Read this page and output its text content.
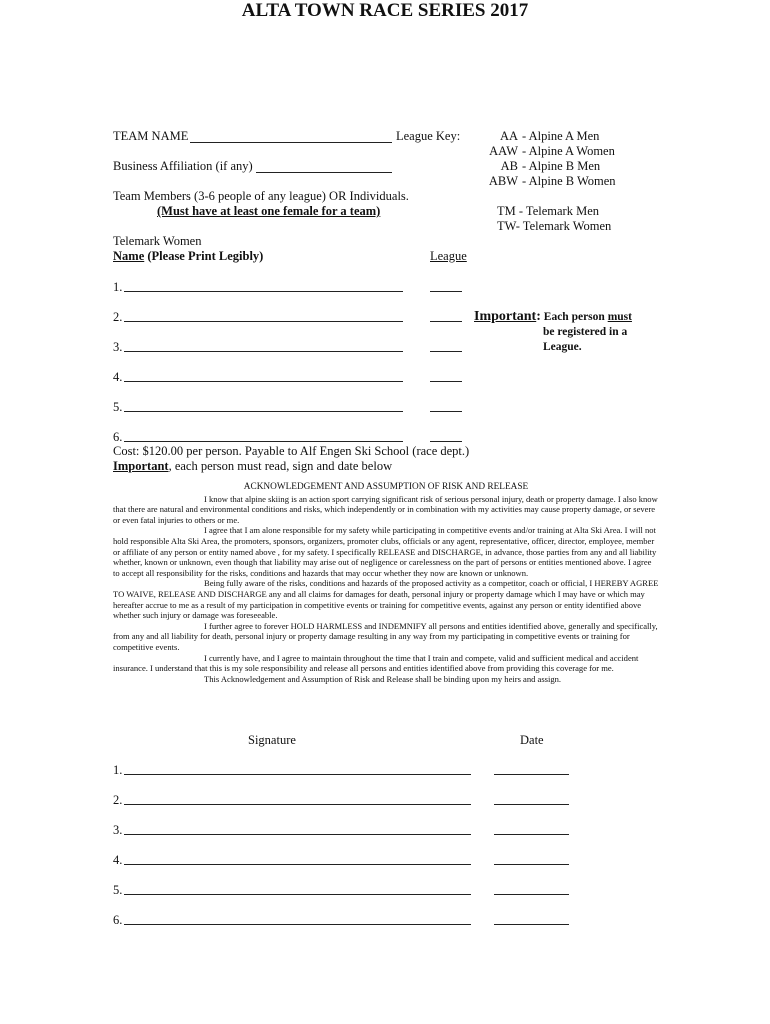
ALTA TOWN RACE SERIES 2017
TEAM NAME	League Key:	AA - Alpine A Men
AAW - Alpine A Women
AB - Alpine B Men
ABW - Alpine B Women
TM - Telemark Men
TW- Telemark Women
Business Affiliation (if any)
Team Members (3-6 people of any league) OR Individuals.
(Must have at least one female for a team)
Telemark Women
Name (Please Print Legibly)	League
1.
2.
3.
4.
5.
6.
Important: Each person must
be registered in a
League.
Cost: $120.00 per person. Payable to Alf Engen Ski School (race dept.)
Important, each person must read, sign and date below

ACKNOWLEDGEMENT AND ASSUMPTION OF RISK AND RELEASE

I know that alpine skiing is an action sport carrying significant risk of serious personal injury, death or property damage. I also know that there are natural and environmental conditions and risks, which independently or in combination with my activities may cause property damage, or severe or even fatal injuries to others or me.

I agree that I am alone responsible for my safety while participating in competitive events and/or training at Alta Ski Area. I will not hold responsible Alta Ski Area, the promoters, sponsors, organizers, promoter clubs, officials or any agent, representative, officer, director, employee, member or affiliate of any person or entity named above , for my safety. I specifically RELEASE and DISCHARGE, in advance, those parties from any and all liability whether, known or unknown, even though that liability may arise out of negligence or carelessness on the part of persons or entities mentioned above. I agree to accept all responsibility for the risks, conditions and hazards that may occur whether they now are known or unknown.

Being fully aware of the risks, conditions and hazards of the proposed activity as a competitor, coach or official, I HEREBY AGREE TO WAIVE, RELEASE AND DISCHARGE any and all claims for damages for death, personal injury or property damage which I may have or which may hereafter accrue to me as a result of my participation in competitive events or training for competitive events, against any person or entity identified above whether such injury or damage was foreseeable.

I further agree to forever HOLD HARMLESS and INDEMNIFY all persons and entities identified above, generally and specifically, from any and all liability for death, personal injury or property damage resulting in any way from my participating in competitive events or training for competitive events.

I currently have, and I agree to maintain throughout the time that I train and compete, valid and sufficient medical and accident insurance. I understand that this is my sole responsibility and release all persons and entities identified above from providing this coverage for me.

This Acknowledgement and Assumption of Risk and Release shall be binding upon my heirs and assign.

Signature	Date
1.
2.
3.
4.
5.
6.
